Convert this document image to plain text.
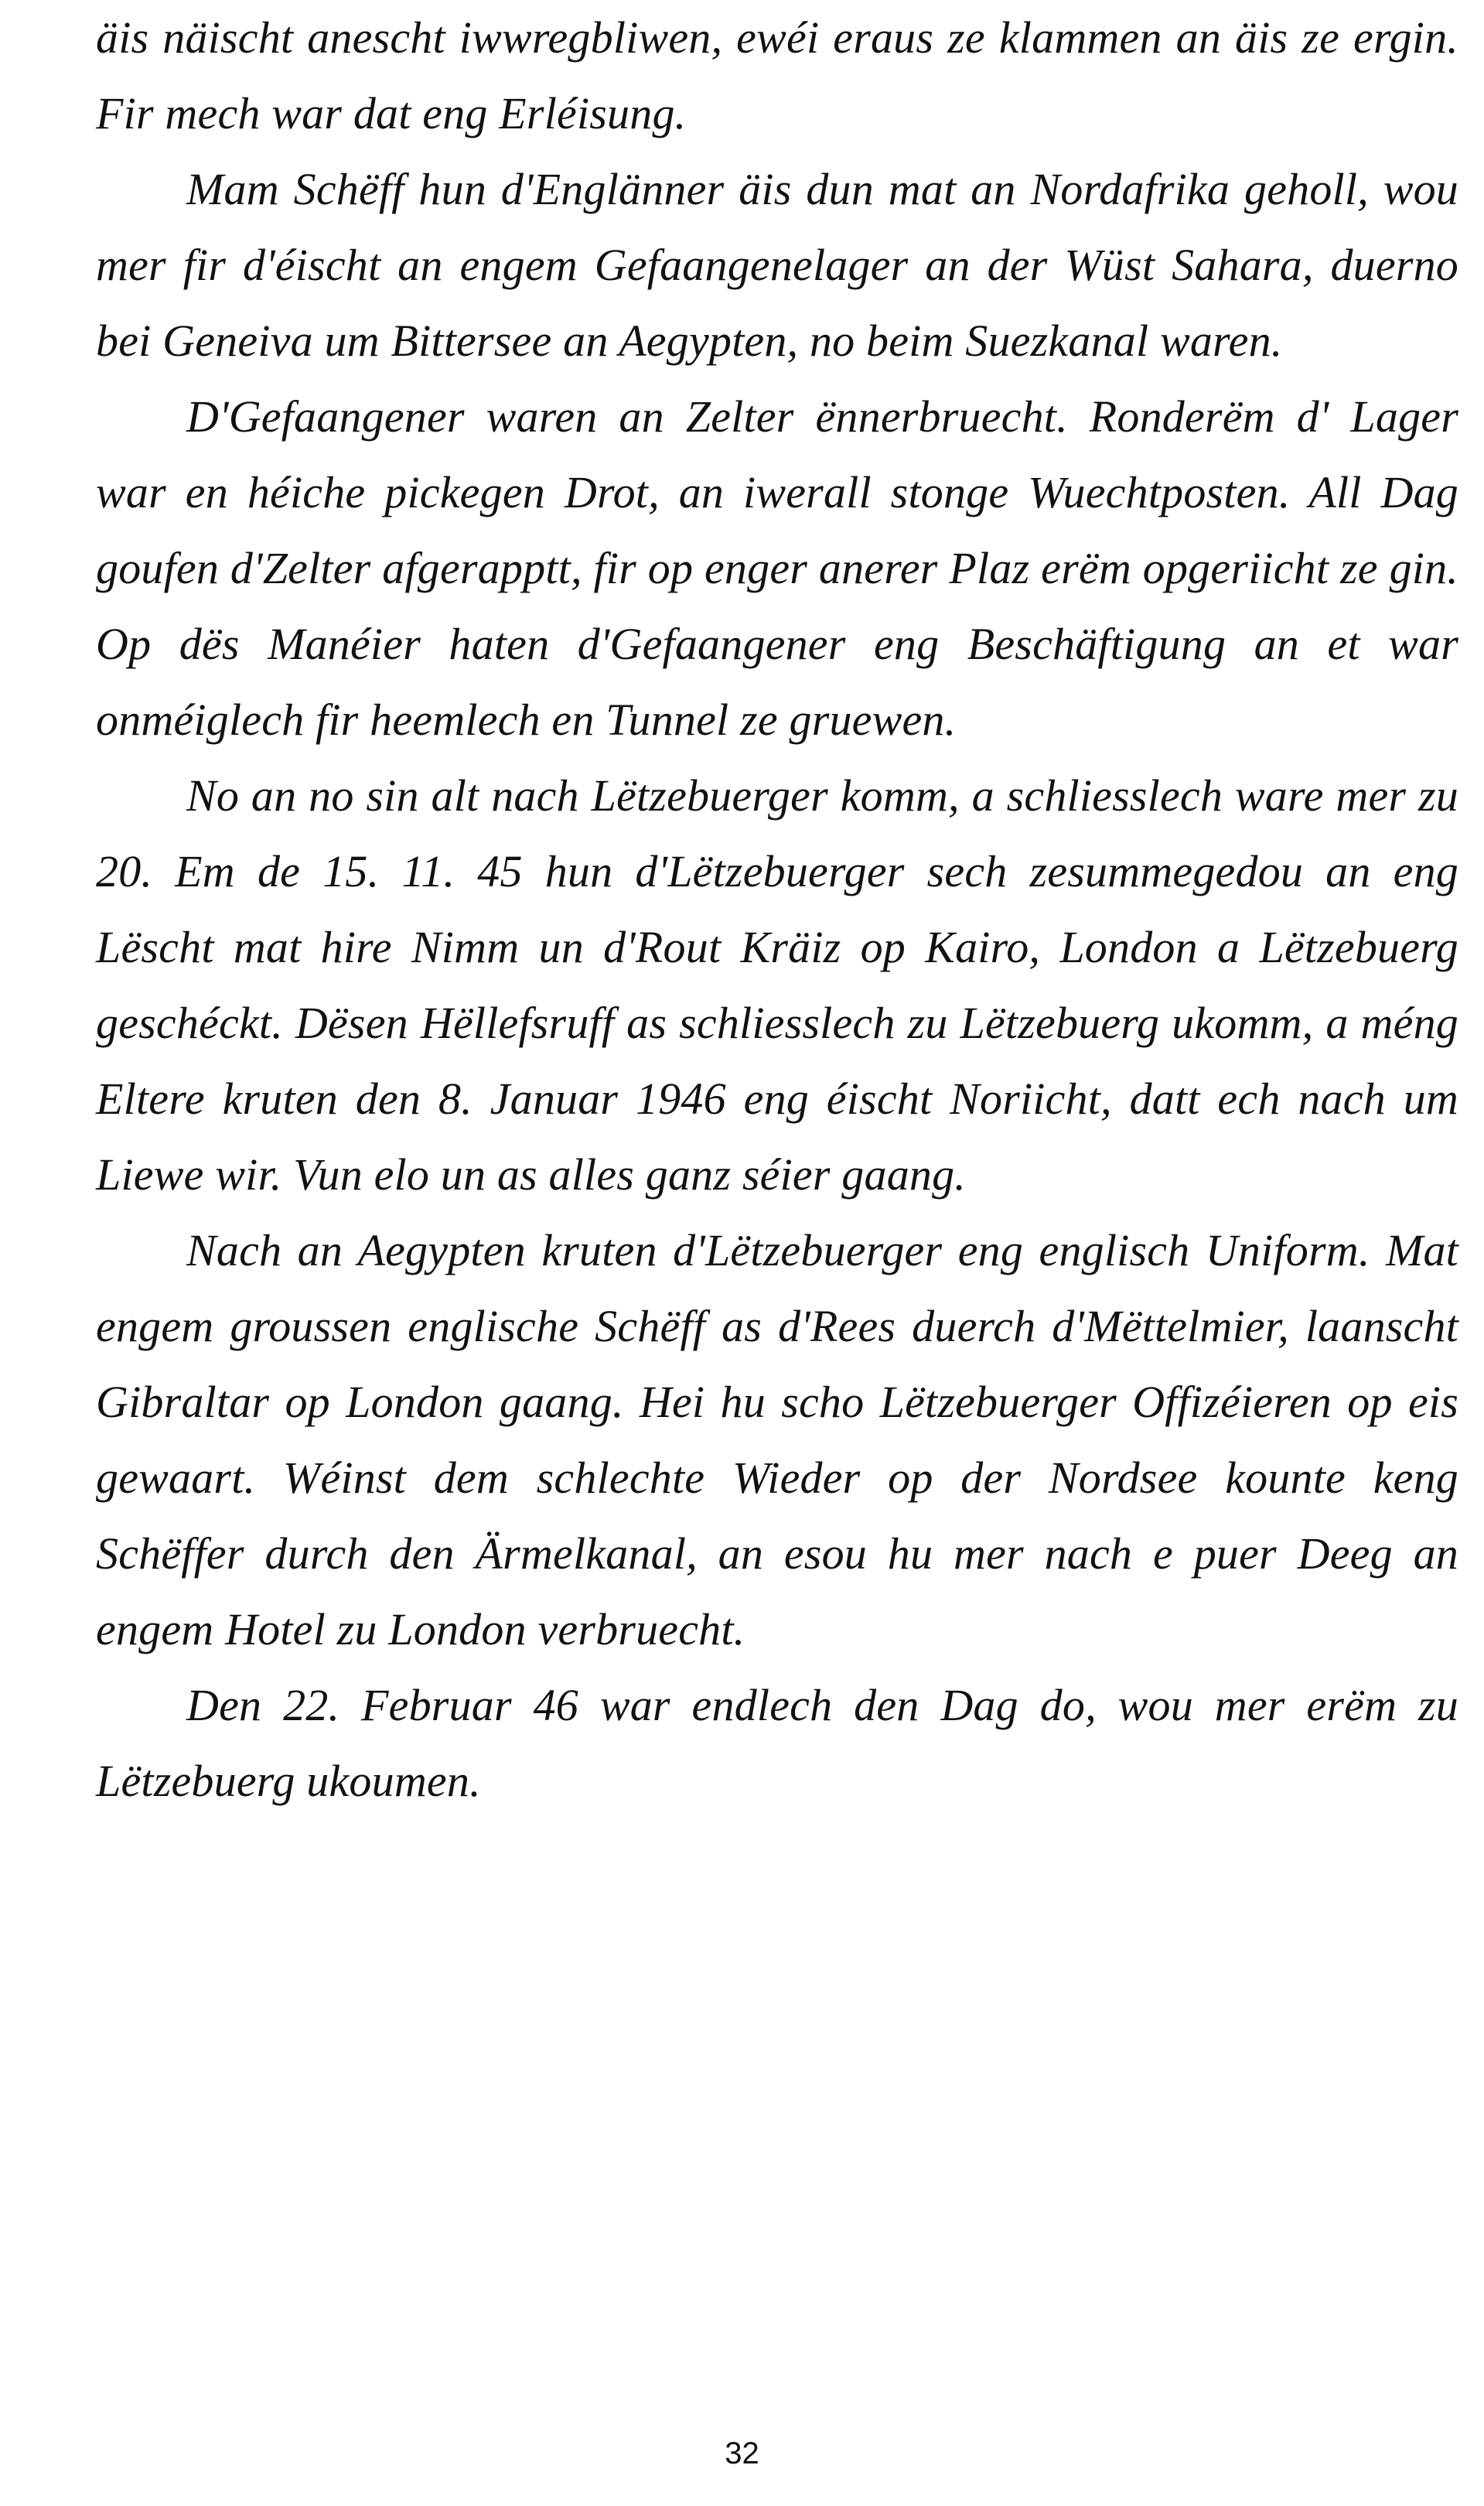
äis näischt anescht iwwregbliwen, ewéi eraus ze klammen an äis ze ergin. Fir mech war dat eng Erléisung.

Mam Schëff hun d'Englänner äis dun mat an Nordafrika geholl, wou mer fir d'éischt an engem Gefaangenelager an der Wüst Sahara, duerno bei Geneiva um Bittersee an Aegypten, no beim Suezkanal waren.

D'Gefaangener waren an Zelter ënnerbruecht. Ronderëm d' Lager war en héiche pickegen Drot, an iwerall stonge Wuechtposten. All Dag goufen d'Zelter afgerapptt, fir op enger anerer Plaz erëm opgeriicht ze gin. Op dës Manéier haten d'Gefaangener eng Beschäftigung an et war onméiglech fir heemlech en Tunnel ze gruewen.

No an no sin alt nach Lëtzebuerger komm, a schliesslech ware mer zu 20. Em de 15. 11. 45 hun d'Lëtzebuerger sech zesummegedou an eng Lëscht mat hire Nimm un d'Rout Kräiz op Kairo, London a Lëtzebuerg geschéckt. Dësen Hëllefsruff as schliesslech zu Lëtzebuerg ukomm, a méng Eltere kruten den 8. Januar 1946 eng éischt Noriicht, datt ech nach um Liewe wir. Vun elo un as alles ganz séier gaang.

Nach an Aegypten kruten d'Lëtzebuerger eng englisch Uniform. Mat engem groussen englische Schëff as d'Rees duerch d'Mëttelmier, laanscht Gibraltar op London gaang. Hei hu scho Lëtzebuerger Offizéieren op eis gewaart. Wéinst dem schlechte Wieder op der Nordsee kounte keng Schëffer durch den Ärmelkanal, an esou hu mer nach e puer Deeg an engem Hotel zu London verbruecht.

Den 22. Februar 46 war endlech den Dag do, wou mer erëm zu Lëtzebuerg ukoumen.

32
